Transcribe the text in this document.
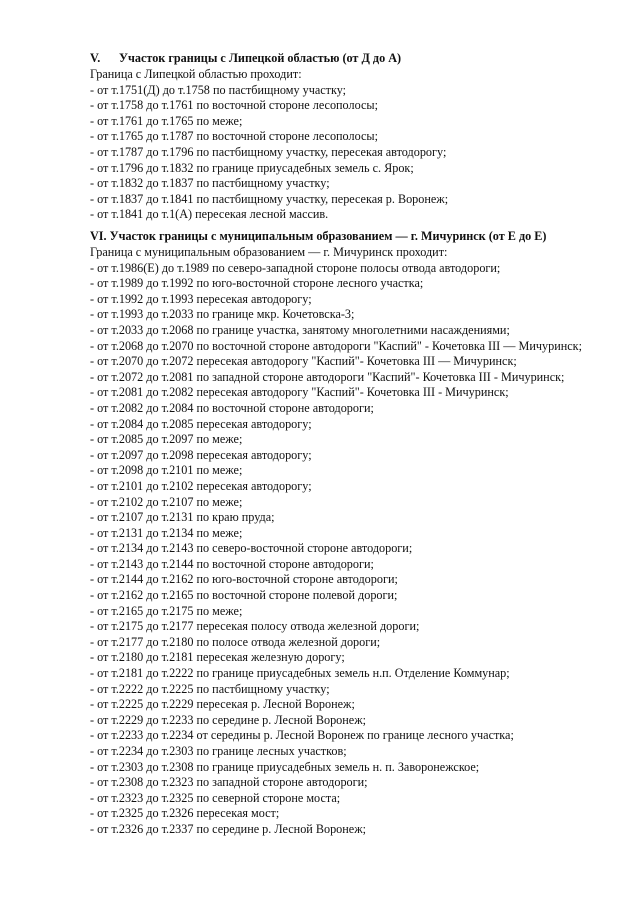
V. Участок границы с Липецкой областью (от Д до А)

Граница с Липецкой областью проходит:

- от т.1751(Д) до т.1758 по пастбищному участку;

- от т.1758 до т.1761 по восточной стороне лесополосы;

- от т.1761 до т.1765 по меже;

- от т.1765 до т.1787 по восточной стороне лесополосы;

- от т.1787 до т.1796 по пастбищному участку, пересекая автодорогу;

- от т.1796 до т.1832 по границе приусадебных земель с. Ярок;

- от т.1832 до т.1837 по пастбищному участку;

- от т.1837 до т.1841 по пастбищному участку, пересекая р. Воронеж;

- от т.1841 до т.1(А) пересекая лесной массив.

VI. Участок границы с муниципальным образованием — г. Мичуринск (от Е до Е)

Граница с муниципальным образованием — г. Мичуринск проходит:

- от т.1986(Е) до т.1989 по северо-западной стороне полосы отвода автодороги;

- от т.1989 до т.1992 по юго-восточной стороне лесного участка;

- от т.1992 до т.1993 пересекая автодорогу;

- от т.1993 до т.2033 по границе мкр. Кочетовска-3;

- от т.2033 до т.2068 по границе участка, занятому многолетними насаждениями;

- от т.2068 до т.2070 по восточной стороне автодороги "Каспий" - Кочетовка III — Мичуринск;

- от т.2070 до т.2072 пересекая автодорогу "Каспий"- Кочетовка III — Мичуринск;

- от т.2072 до т.2081 по западной стороне автодороги "Каспий"- Кочетовка III - Мичуринск;

- от т.2081 до т.2082 пересекая автодорогу "Каспий"- Кочетовка III - Мичуринск;

- от т.2082 до т.2084 по восточной стороне автодороги;

- от т.2084 до т.2085 пересекая автодорогу;

- от т.2085 до т.2097 по меже;

- от т.2097 до т.2098 пересекая автодорогу;

- от т.2098 до т.2101 по меже;

- от т.2101 до т.2102 пересекая автодорогу;

- от т.2102 до т.2107 по меже;

- от т.2107 до т.2131 по краю пруда;

- от т.2131 до т.2134 по меже;

- от т.2134 до т.2143 по северо-восточной стороне автодороги;

- от т.2143 до т.2144 по восточной стороне автодороги;

- от т.2144 до т.2162 по юго-восточной стороне автодороги;

- от т.2162 до т.2165 по восточной стороне полевой дороги;

- от т.2165 до т.2175 по меже;

- от т.2175 до т.2177 пересекая полосу отвода железной дороги;

- от т.2177 до т.2180 по полосе отвода железной дороги;

- от т.2180 до т.2181 пересекая железную дорогу;

- от т.2181 до т.2222 по границе приусадебных земель н.п. Отделение Коммунар;

- от т.2222 до т.2225 по пастбищному участку;

- от т.2225 до т.2229 пересекая р. Лесной Воронеж;

- от т.2229 до т.2233 по середине р. Лесной Воронеж;

- от т.2233 до т.2234 от середины р. Лесной Воронеж по границе лесного участка;

- от т.2234 до т.2303 по границе лесных участков;

- от т.2303 до т.2308 по границе приусадебных земель н. п. Заворонежское;

- от т.2308 до т.2323 по западной стороне автодороги;

- от т.2323 до т.2325 по северной стороне моста;

- от т.2325 до т.2326 пересекая мост;

- от т.2326 до т.2337 по середине р. Лесной Воронеж;
